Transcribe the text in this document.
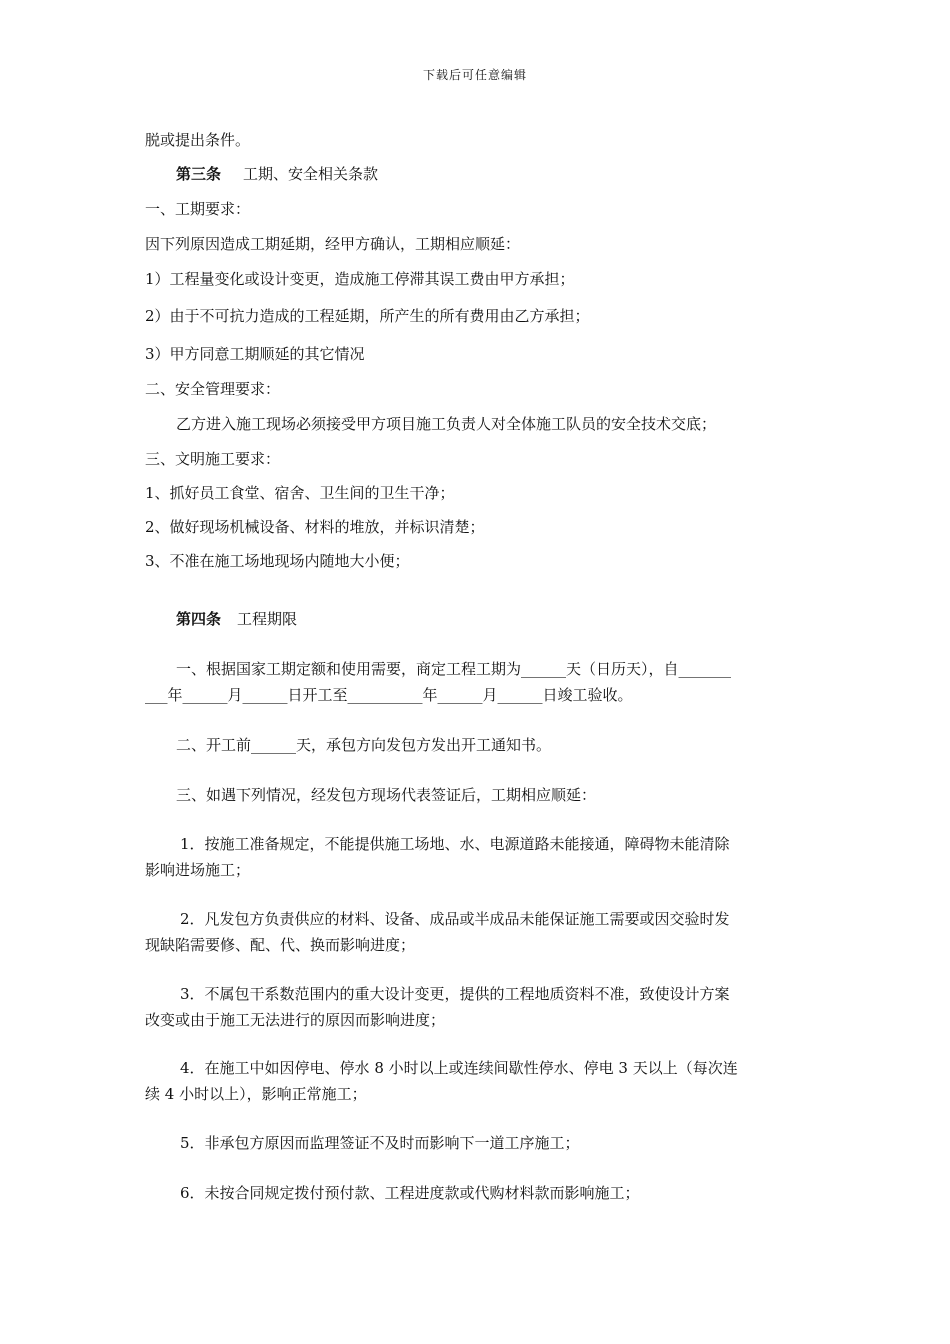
下载后可任意编辑
脱或提出条件。
第三条 工期、安全相关条款
一、工期要求：
因下列原因造成工期延期，经甲方确认，工期相应顺延：
1）工程量变化或设计变更，造成施工停滞其误工费由甲方承担；
2）由于不可抗力造成的工程延期，所产生的所有费用由乙方承担；
3）甲方同意工期顺延的其它情况
二、安全管理要求：
乙方进入施工现场必须接受甲方项目施工负责人对全体施工队员的安全技术交底；
三、文明施工要求：
1、抓好员工食堂、宿舍、卫生间的卫生干净；
2、做好现场机械设备、材料的堆放，并标识清楚；
3、不准在施工场地现场内随地大小便；
第四条 工程期限
一、根据国家工期定额和使用需要，商定工程工期为______天（日历天），自_______
___年______月______日开工至__________年______月______日竣工验收。
二、开工前______天，承包方向发包方发出开工通知书。
三、如遇下列情况，经发包方现场代表签证后，工期相应顺延：
1．按施工准备规定，不能提供施工场地、水、电源道路未能接通，障碍物未能清除
影响进场施工；
2．凡发包方负责供应的材料、设备、成品或半成品未能保证施工需要或因交验时发
现缺陷需要修、配、代、换而影响进度；
3．不属包干系数范围内的重大设计变更，提供的工程地质资料不准，致使设计方案
改变或由于施工无法进行的原因而影响进度；
4．在施工中如因停电、停水 8 小时以上或连续间歇性停水、停电 3 天以上（每次连
续 4 小时以上），影响正常施工；
5．非承包方原因而监理签证不及时而影响下一道工序施工；
6．未按合同规定拨付预付款、工程进度款或代购材料款而影响施工；
